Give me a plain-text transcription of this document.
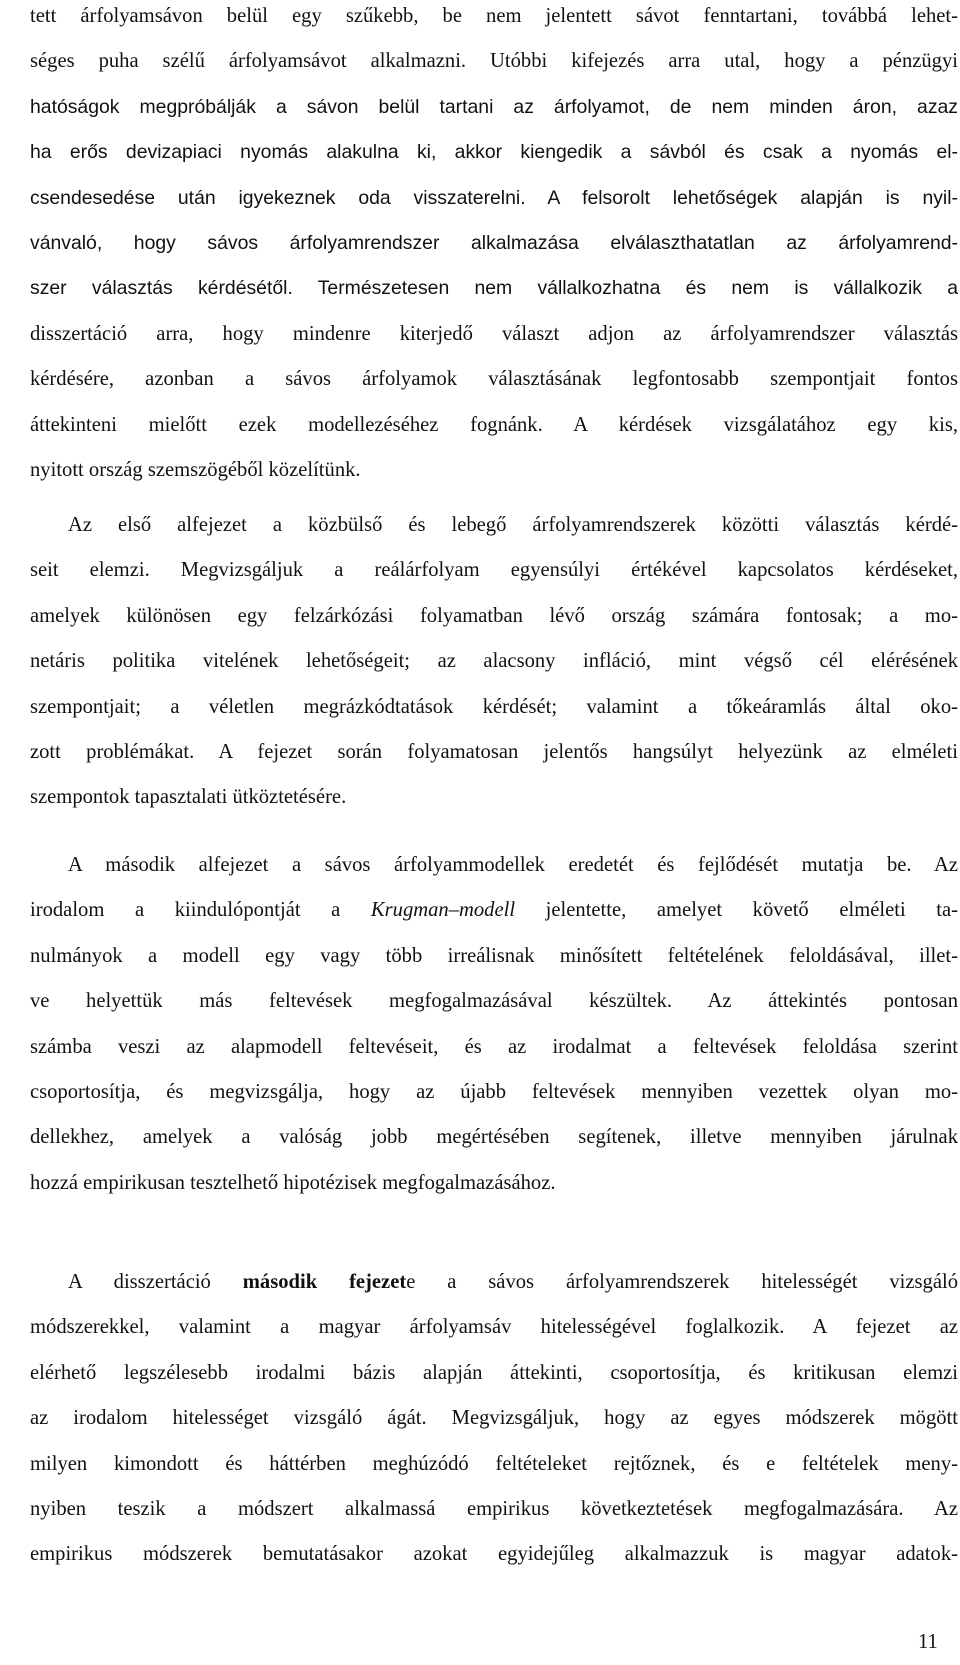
tett árfolyamsávon belül egy szűkebb, be nem jelentett sávot fenntartani, továbbá lehet-
séges puha szélű árfolyamsávot alkalmazni. Utóbbi kifejezés arra utal, hogy a pénzügyi
hatóságok megpróbálják a sávon belül tartani az árfolyamot, de nem minden áron, azaz
ha erős devizapiaci nyomás alakulna ki, akkor kiengedik a sávból és csak a nyomás el-
csendesedése után igyekeznek oda visszaterelni. A felsorolt lehetőségek alapján is nyil-
vánvaló, hogy sávos árfolyamrendszer alkalmazása elválaszthatatlan az árfolyamrend-
szer választás kérdésétől. Természetesen nem vállalkozhatna és nem is vállalkozik a
disszertáció arra, hogy mindenre kiterjedő választ adjon az árfolyamrendszer választás
kérdésére, azonban a sávos árfolyamok választásának legfontosabb szempontjait fontos
áttekinteni mielőtt ezek modellezéséhez fognánk. A kérdések vizsgálatához egy kis,
nyitott ország szemszögéből közelítünk.
Az első alfejezet a közbülső és lebegő árfolyamrendszerek közötti választás kérdé-
seit elemzi. Megvizsgáljuk a reálárfolyam egyensúlyi értékével kapcsolatos kérdéseket,
amelyek különösen egy felzárkózási folyamatban lévő ország számára fontosak; a mo-
netáris politika vitelének lehetőségeit; az alacsony infláció, mint végső cél elérésének
szempontjait; a véletlen megrázkódtatások kérdését; valamint a tőkeáramlás által oko-
zott problémákat. A fejezet során folyamatosan jelentős hangsúlyt helyezünk az elméleti
szempontok tapasztalati ütköztetésére.
A második alfejezet a sávos árfolyammodellek eredetét és fejlődését mutatja be. Az
irodalom a kiindulópontját a Krugman–modell jelentette, amelyet követő elméleti ta-
nulmányok a modell egy vagy több irreálisnak minősített feltételének feloldásával, illet-
ve helyettük más feltevések megfogalmazásával készültek. Az áttekintés pontosan
számba veszi az alapmodell feltevéseit, és az irodalmat a feltevések feloldása szerint
csoportosítja, és megvizsgálja, hogy az újabb feltevések mennyiben vezettek olyan mo-
dellekhez, amelyek a valóság jobb megértésében segítenek, illetve mennyiben járulnak
hozzá empirikusan tesztelhető hipotézisek megfogalmazásához.
A disszertáció második fejezete a sávos árfolyamrendszerek hitelességét vizsgáló
módszerekkel, valamint a magyar árfolyamsáv hitelességével foglalkozik. A fejezet az
elérhető legszélesebb irodalmi bázis alapján áttekinti, csoportosítja, és kritikusan elemzi
az irodalom hitelességet vizsgáló ágát. Megvizsgáljuk, hogy az egyes módszerek mögött
milyen kimondott és háttérben meghúzódó feltételeket rejtőznek, és e feltételek meny-
nyiben teszik a módszert alkalmassá empirikus következtetések megfogalmazására. Az
empirikus módszerek bemutatásakor azokat egyidejűleg alkalmazzuk is magyar adatok-
11
